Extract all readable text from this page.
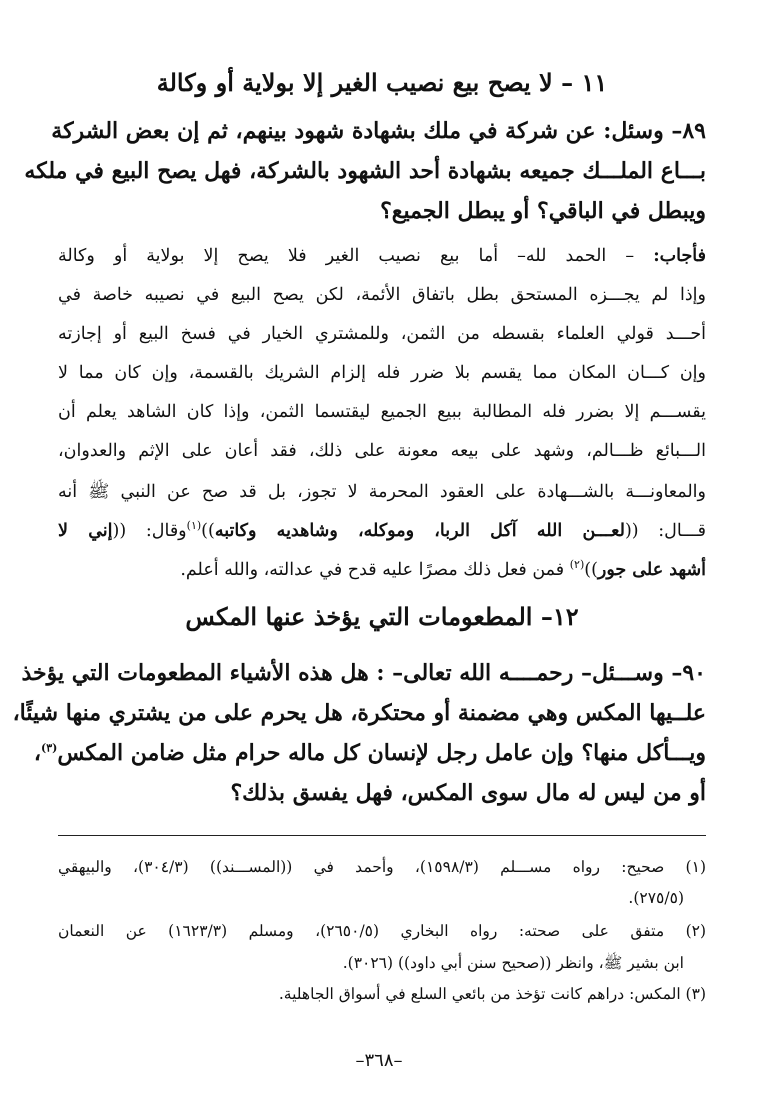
١١ – لا يصح بيع نصيب الغير إلا بولاية أو وكالة
٨٩– وسئل: عن شركة في ملك بشهادة شهود بينهم، ثم إن بعض الشركة
بـــاع الملـــك جميعه بشهادة أحد الشهود بالشركة، فهل يصح البيع في ملكه
ويبطل في الباقي؟ أو يبطل الجميع؟
فأجاب: – الحمد لله– أما بيع نصيب الغير فلا يصح إلا بولاية أو وكالة
وإذا لم يجـــزه المستحق بطل باتفاق الأئمة، لكن يصح البيع في نصيبه خاصة في
أحـــد قولي العلماء بقسطه من الثمن، وللمشتري الخيار في فسخ البيع أو إجازته
وإن كـــان المكان مما يقسم بلا ضرر فله إلزام الشريك بالقسمة، وإن كان مما لا
يقســـم إلا بضرر فله المطالبة ببيع الجميع ليقتسما الثمن، وإذا كان الشاهد يعلم أن
الـــبائع ظـــالم، وشهد على بيعه معونة على ذلك، فقد أعان على الإثم والعدوان،
والمعاونـــة بالشـــهادة على العقود المحرمة لا تجوز، بل قد صح عن النبي ﷺ أنه
قـــال: ((لعـــن الله آكل الربا، وموكله، وشاهديه وكاتبه))$^{(١)}$وقال: ((إني لا
أشهد على جور))$^{(٢)}$ فمن فعل ذلك مصرًا عليه قدح في عدالته، والله أعلم.
١٢– المطعومات التي يؤخذ عنها المكس
٩٠– وســـئل– رحمــــه الله تعالى– : هل هذه الأشياء المطعومات التي يؤخذ
علــيها المكس وهي مضمنة أو محتكرة، هل يحرم على من يشتري منها شيئًا،
ويـــأكل منها؟ وإن عامل رجل لإنسان كل ماله حرام مثل ضامن المكس$^{(٣)}$،
أو من ليس له مال سوى المكس، فهل يفسق بذلك؟
(١) صحيح: رواه مســـلم (١٥٩٨/٣)، وأحمد في ((المســـند)) (٣٠٤/٣)، والبيهقي
(٢٧٥/٥).
(٢) متفق على صحته: رواه البخاري (٢٦٥٠/٥)، ومسلم (١٦٢٣/٣) عن النعمان
ابن بشير ﷺ، وانظر ((صحيح سنن أبي داود)) (٣٠٢٦).
(٣) المكس: دراهم كانت تؤخذ من بائعي السلع في أسواق الجاهلية.
–٣٦٨–
